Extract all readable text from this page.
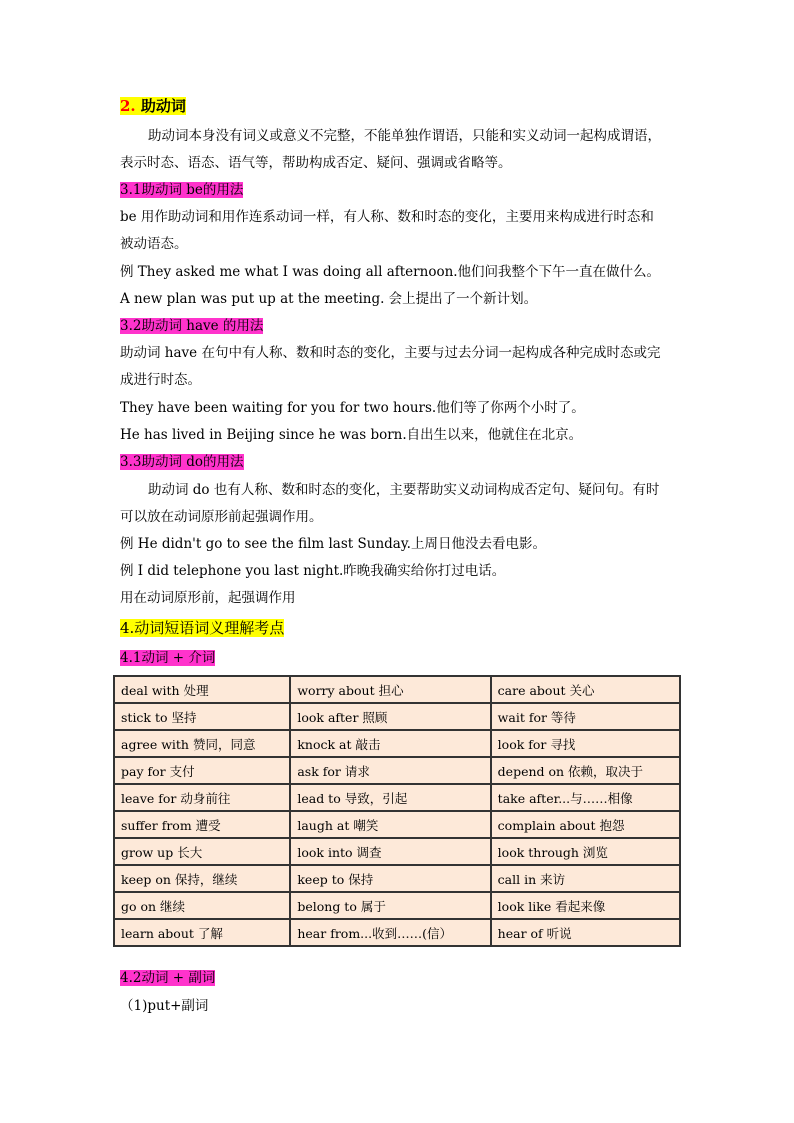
2. 助动词
助动词本身没有词义或意义不完整，不能单独作谓语，只能和实义动词一起构成谓语，
表示时态、语态、语气等，帮助构成否定、疑问、强调或省略等。
3.1助动词 be的用法
be 用作助动词和用作连系动词一样，有人称、数和时态的变化，主要用来构成进行时态和
被动语态。
例 They asked me what I was doing all afternoon.他们问我整个下午一直在做什么。
A new plan was put up at the meeting. 会上提出了一个新计划。
3.2助动词 have 的用法
助动词 have 在句中有人称、数和时态的变化，主要与过去分词一起构成各种完成时态或完
成进行时态。
They have been waiting for you for two hours.他们等了你两个小时了。
He has lived in Beijing since he was born.自出生以来，他就住在北京。
3.3助动词 do的用法
助动词 do 也有人称、数和时态的变化，主要帮助实义动词构成否定句、疑问句。有时
可以放在动词原形前起强调作用。
例 He didn't go to see the film last Sunday.上周日他没去看电影。
例 I did telephone you last night.昨晚我确实给你打过电话。
用在动词原形前，起强调作用
4.动词短语词义理解考点
4.1动词 + 介词
deal with 处理	worry about 担心	care about 关心
stick to 坚持	look after 照顾	wait for 等待
agree with 赞同，同意	knock at 敲击	look for 寻找
pay for 支付	ask for 请求	depend on 依赖，取决于
leave for 动身前往	lead to 导致，引起	take after...与……相像
suffer from 遭受	laugh at 嘲笑	complain about 抱怨
grow up 长大	look into 调查	look through 浏览
keep on 保持，继续	keep to 保持	call in 来访
go on 继续	belong to 属于	look like 看起来像
learn about 了解	hear from...收到……(信）	hear of 听说
4.2动词 + 副词
（1)put+副词
